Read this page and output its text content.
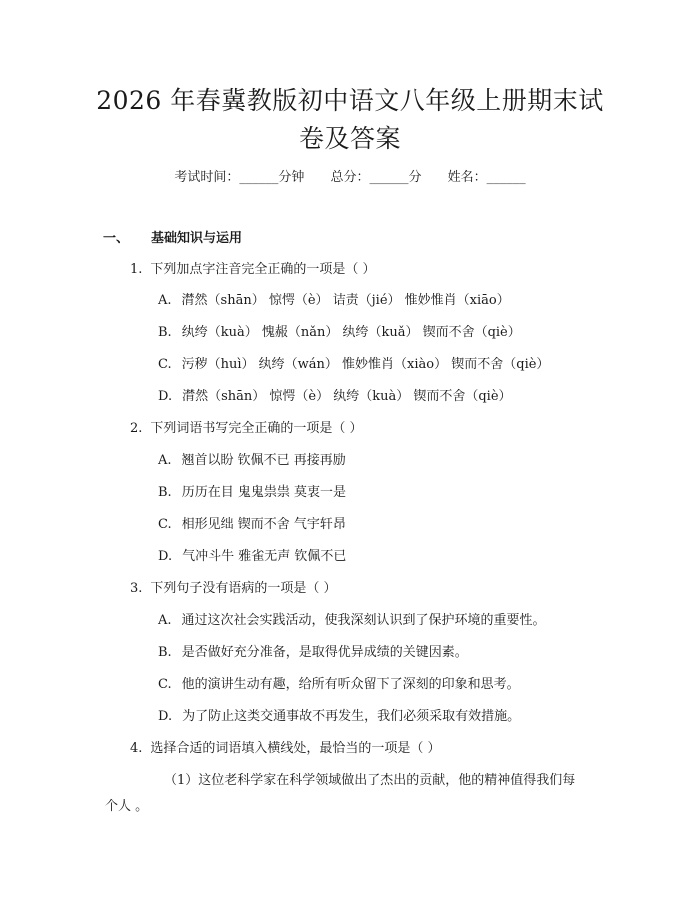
2026 年春冀教版初中语文八年级上册期末试
卷及答案
考试时间：______分钟 总分：______分 姓名：______
一、 基础知识与运用
1. 下列加点字注音完全正确的一项是（ ）
A. 潸然（shān） 惊愕（è） 诘责（jié） 惟妙惟肖（xiāo）
B. 纨绔（kuà） 愧赧（nǎn） 纨绔（kuǎ） 锲而不舍（qiè）
C. 污秽（huì） 纨绔（wán） 惟妙惟肖（xiào） 锲而不舍（qiè）
D. 潸然（shān） 惊愕（è） 纨绔（kuà） 锲而不舍（qiè）
2. 下列词语书写完全正确的一项是（ ）
A. 翘首以盼 钦佩不已 再接再励
B. 历历在目 鬼鬼祟祟 莫衷一是
C. 相形见绌 锲而不舍 气宇轩昂
D. 气冲斗牛 雅雀无声 钦佩不已
3. 下列句子没有语病的一项是（ ）
A. 通过这次社会实践活动，使我深刻认识到了保护环境的重要性。
B. 是否做好充分准备，是取得优异成绩的关键因素。
C. 他的演讲生动有趣，给所有听众留下了深刻的印象和思考。
D. 为了防止这类交通事故不再发生，我们必须采取有效措施。
4. 选择合适的词语填入横线处，最恰当的一项是（ ）
（1）这位老科学家在科学领域做出了杰出的贡献，他的精神值得我们每
个人 。
